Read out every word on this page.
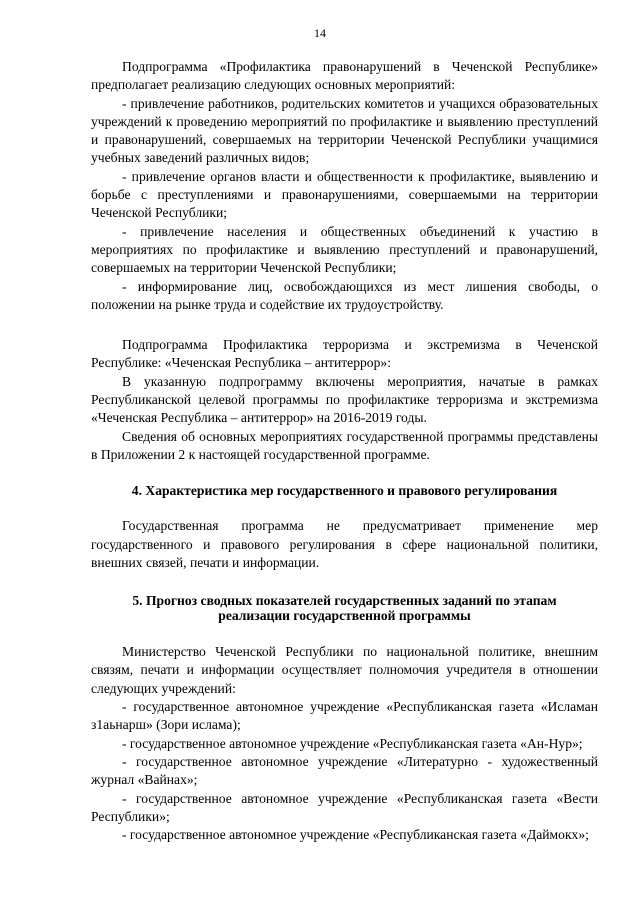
14

Подпрограмма «Профилактика правонарушений в Чеченской Республике» предполагает реализацию следующих основных мероприятий:

- привлечение работников, родительских комитетов и учащихся образовательных учреждений к проведению мероприятий по профилактике и выявлению преступлений и правонарушений, совершаемых на территории Чеченской Республики учащимися учебных заведений различных видов;

- привлечение органов власти и общественности к профилактике, выявлению и борьбе с преступлениями и правонарушениями, совершаемыми на территории Чеченской Республики;

- привлечение населения и общественных объединений к участию в мероприятиях по профилактике и выявлению преступлений и правонарушений, совершаемых на территории Чеченской Республики;

- информирование лиц, освобождающихся из мест лишения свободы, о положении на рынке труда и содействие их трудоустройству.

Подпрограмма Профилактика терроризма и экстремизма в Чеченской Республике: «Чеченская Республика – антитеррор»:

В указанную подпрограмму включены мероприятия, начатые в рамках Республиканской целевой программы по профилактике терроризма и экстремизма «Чеченская Республика – антитеррор» на 2016-2019 годы.

Сведения об основных мероприятиях государственной программы представлены в Приложении 2 к настоящей государственной программе.

4. Характеристика мер государственного и правового регулирования

Государственная программа не предусматривает применение мер государственного и правового регулирования в сфере национальной политики, внешних связей, печати и информации.

5. Прогноз сводных показателей государственных заданий по этапам
реализации государственной программы

Министерство Чеченской Республики по национальной политике, внешним связям, печати и информации осуществляет полномочия учредителя в отношении следующих учреждений:

- государственное автономное учреждение «Республиканская газета «Исламан з1аьнарш» (Зори ислама);

- государственное автономное учреждение «Республиканская газета «Ан-Нур»;

- государственное автономное учреждение «Литературно - художественный журнал «Вайнах»;

- государственное автономное учреждение «Республиканская газета «Вести Республики»;

- государственное автономное учреждение «Республиканская газета «Даймокх»;
